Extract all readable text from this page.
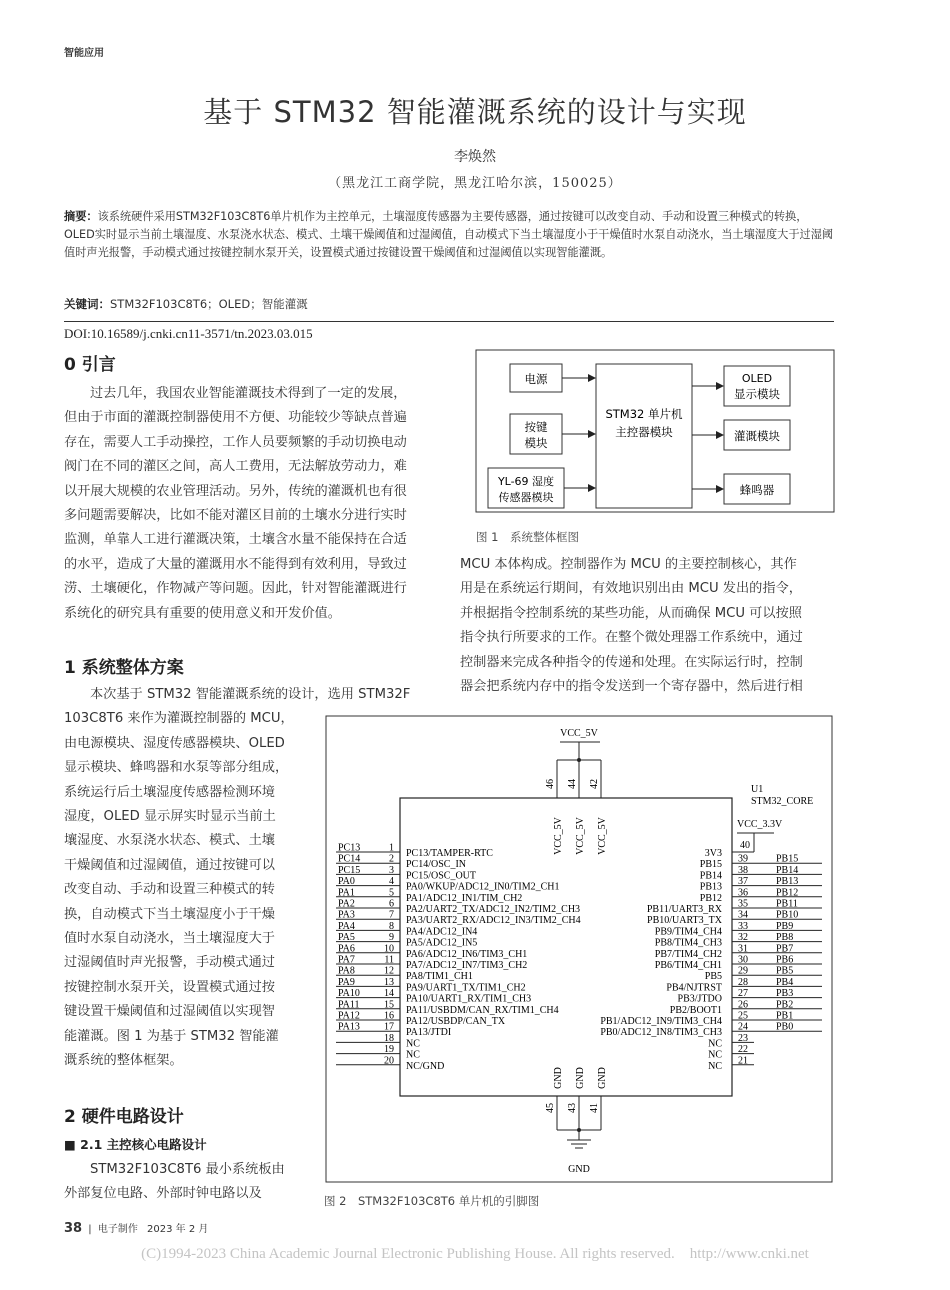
智能应用
基于 STM32 智能灌溉系统的设计与实现
李焕然
（黑龙江工商学院，黑龙江哈尔滨，150025）
摘要：该系统硬件采用STM32F103C8T6单片机作为主控单元，土壤湿度传感器为主要传感器，通过按键可以改变自动、手动和设置三种模式的转换，OLED实时显示当前土壤湿度、水泵浇水状态、模式、土壤干燥阈值和过湿阈值，自动模式下当土壤湿度小于干燥值时水泵自动浇水，当土壤湿度大于过湿阈值时声光报警，手动模式通过按键控制水泵开关，设置模式通过按键设置干燥阈值和过湿阈值以实现智能灌溉。
关键词：STM32F103C8T6；OLED；智能灌溉
DOI:10.16589/j.cnki.cn11-3571/tn.2023.03.015
0 引言
过去几年，我国农业智能灌溉技术得到了一定的发展，
但由于市面的灌溉控制器使用不方便、功能较少等缺点普遍
存在，需要人工手动操控，工作人员要频繁的手动切换电动
阀门在不同的灌区之间，高人工费用，无法解放劳动力，难
以开展大规模的农业管理活动。另外，传统的灌溉机也有很
多问题需要解决，比如不能对灌区目前的土壤水分进行实时
监测，单靠人工进行灌溉决策，土壤含水量不能保持在合适
的水平，造成了大量的灌溉用水不能得到有效利用，导致过
涝、土壤硬化，作物减产等问题。因此，针对智能灌溉进行
系统化的研究具有重要的使用意义和开发价值。
1 系统整体方案
本次基于 STM32 智能灌溉系统的设计，选用 STM32F
103C8T6 来作为灌溉控制器的 MCU，
由电源模块、湿度传感器模块、OLED
显示模块、蜂鸣器和水泵等部分组成，
系统运行后土壤湿度传感器检测环境
湿度，OLED 显示屏实时显示当前土
壤湿度、水泵浇水状态、模式、土壤
干燥阈值和过湿阈值，通过按键可以
改变自动、手动和设置三种模式的转
换，自动模式下当土壤湿度小于干燥
值时水泵自动浇水，当土壤湿度大于
过湿阈值时声光报警，手动模式通过
按键控制水泵开关，设置模式通过按
键设置干燥阈值和过湿阈值以实现智
能灌溉。图 1 为基于 STM32 智能灌
溉系统的整体框架。
2 硬件电路设计
■ 2.1 主控核心电路设计
STM32F103C8T6 最小系统板由
外部复位电路、外部时钟电路以及
MCU 本体构成。控制器作为 MCU 的主要控制核心，其作
用是在系统运行期间，有效地识别出由 MCU 发出的指令，
并根据指令控制系统的某些功能，从而确保 MCU 可以按照
指令执行所要求的工作。在整个微处理器工作系统中，通过
控制器来完成各种指令的传递和处理。在实际运行时，控制
器会把系统内存中的指令发送到一个寄存器中，然后进行相
电源
按键
模块
YL-69 湿度
传感器模块
STM32 单片机
主控器模块
OLED
显示模块
灌溉模块
蜂鸣器
图 1　系统整体框图
VCC_5V
46
VCC_5V
44
VCC_5V
42
VCC_5V
U1
STM32_CORE
PC13	1 PC13/TAMPER-RTC
PC14	2 PC14/OSC_IN
PC15	3 PC15/OSC_OUT
PA0	4 PA0/WKUP/ADC12_IN0/TIM2_CH1
PA1	5 PA1/ADC12_IN1/TIM_CH2
PA2	6 PA2/UART2_TX/ADC12_IN2/TIM2_CH3
PA3	7 PA3/UART2_RX/ADC12_IN3/TIM2_CH4
PA4	8 PA4/ADC12_IN4
PA5	9 PA5/ADC12_IN5
PA6	10 PA6/ADC12_IN6/TIM3_CH1
PA7	11 PA7/ADC12_IN7/TIM3_CH2
PA8	12 PA8/TIM1_CH1
PA9	13 PA9/UART1_TX/TIM1_CH2
PA10 14 PA10/UART1_RX/TIM1_CH3
PA11 15 PA11/USBDM/CAN_RX/TIM1_CH4
PA12 16 PA12/USBDP/CAN_TX
PA13 17 PA13/JTDI
18 NC
19 NC
20 NC/GND
VCC_3.3V
40
3V3
39	PB15
PB15
38	PB14
PB14
37	PB13
PB13
36	PB12
PB12
35	PB11
PB11/UART3_RX
34	PB10
PB10/UART3_TX
33	PB9
PB9/TIM4_CH4
32	PB8
PB8/TIM4_CH3
31	PB7
PB7/TIM4_CH2
30	PB6
PB6/TIM4_CH1
29	PB5
PB5
28	PB4
PB4/NJTRST
27	PB3
PB3/JTDO
26	PB2
PB2/BOOT1
25	PB1
PB1/ADC12_IN9/TIM3_CH4
24	PB0
PB0/ADC12_IN8/TIM3_CH3
23
NC
22
NC
21
NC
GND
45
GND
43
GND
41
GND
图 2　STM32F103C8T6 单片机的引脚图
38 | 电子制作 2023 年 2 月
(C)1994-2023 China Academic Journal Electronic Publishing House. All rights reserved.　http://www.cnki.net
